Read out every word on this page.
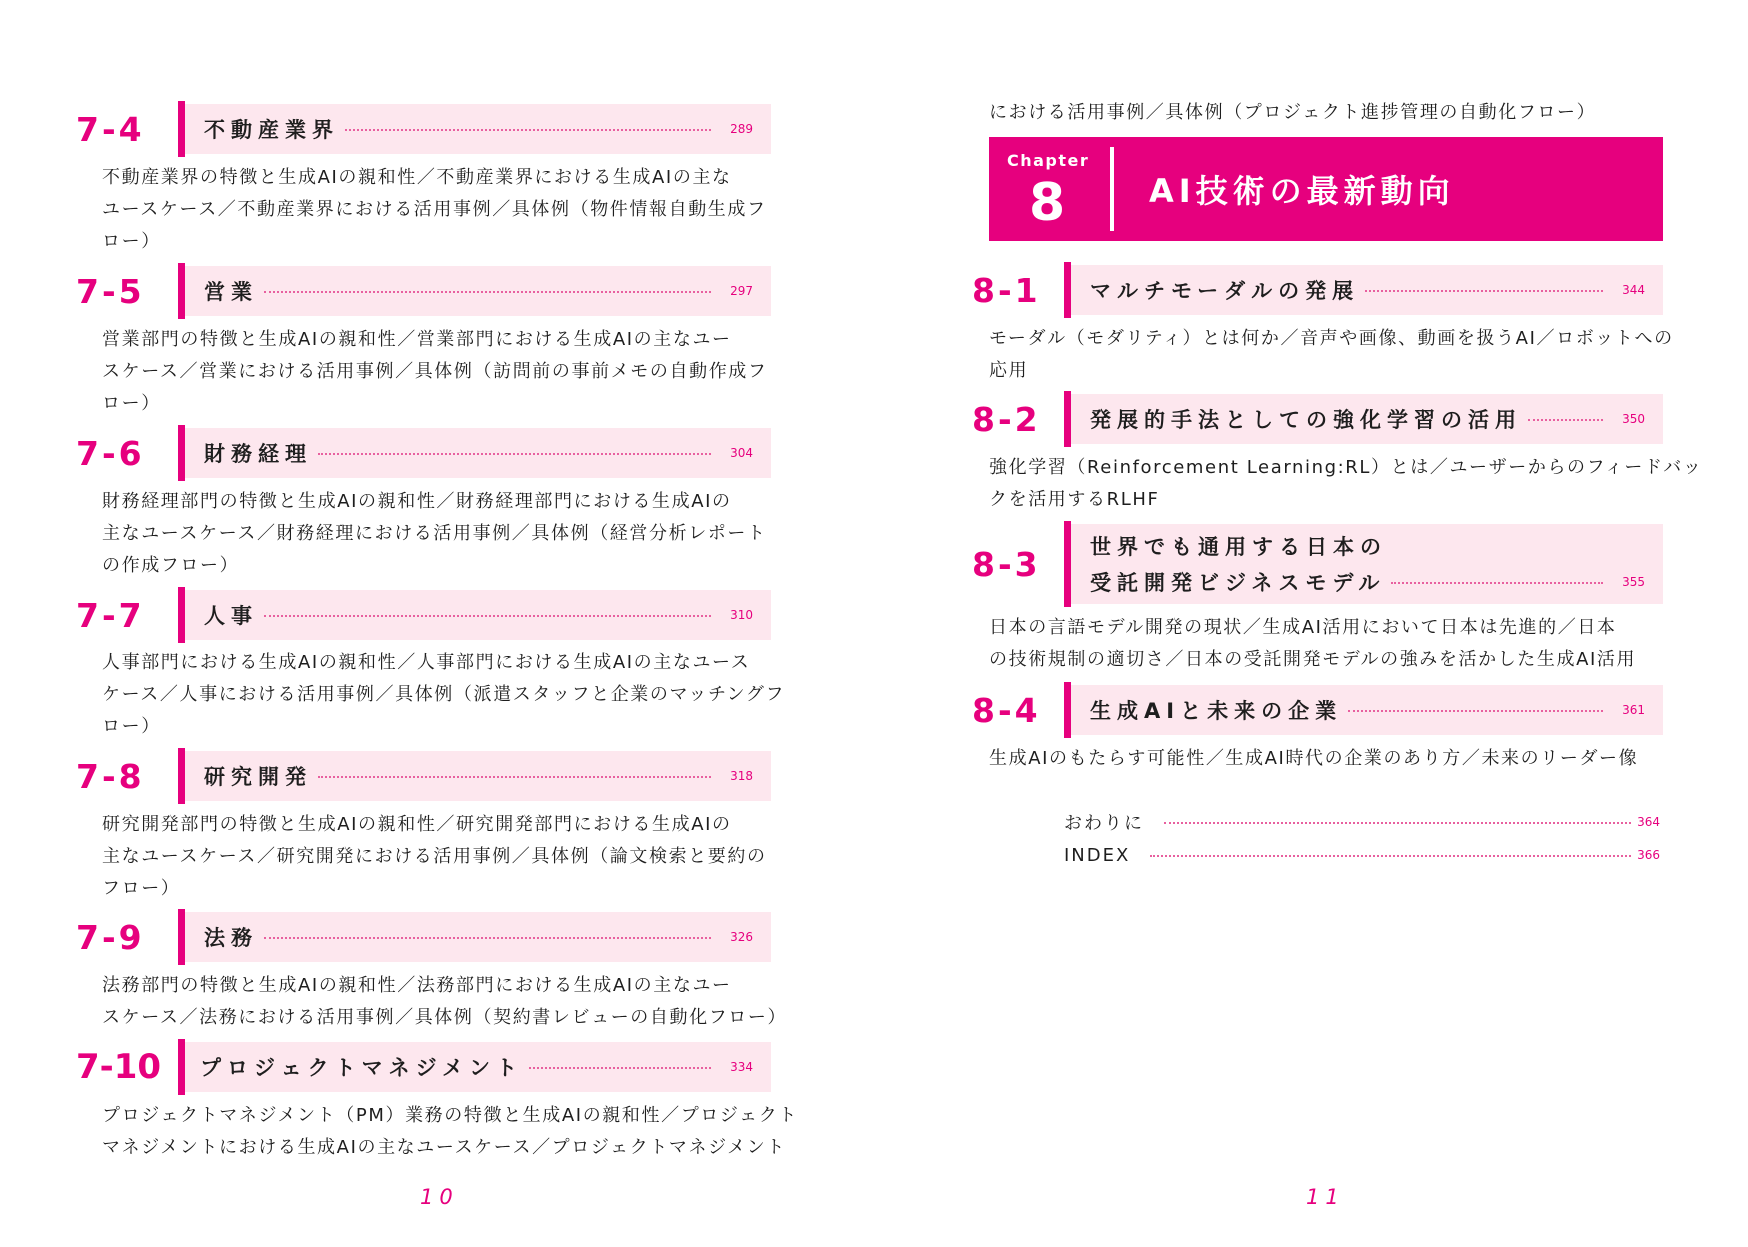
7-4	不動産業界	289
不動産業界の特徴と生成AIの親和性／不動産業界における生成AIの主な
ユースケース／不動産業界における活用事例／具体例（物件情報自動生成フ
ロー）
7-5	営業	297
営業部門の特徴と生成AIの親和性／営業部門における生成AIの主なユー
スケース／営業における活用事例／具体例（訪問前の事前メモの自動作成フ
ロー）
7-6	財務経理	304
財務経理部門の特徴と生成AIの親和性／財務経理部門における生成AIの
主なユースケース／財務経理における活用事例／具体例（経営分析レポート
の作成フロー）
7-7	人事	310
人事部門における生成AIの親和性／人事部門における生成AIの主なユース
ケース／人事における活用事例／具体例（派遣スタッフと企業のマッチングフ
ロー）
7-8	研究開発	318
研究開発部門の特徴と生成AIの親和性／研究開発部門における生成AIの
主なユースケース／研究開発における活用事例／具体例（論文検索と要約の
フロー）
7-9	法務	326
法務部門の特徴と生成AIの親和性／法務部門における生成AIの主なユー
スケース／法務における活用事例／具体例（契約書レビューの自動化フロー）
7-10	プロジェクトマネジメント	334
プロジェクトマネジメント（PM）業務の特徴と生成AIの親和性／プロジェクト
マネジメントにおける生成AIの主なユースケース／プロジェクトマネジメント
10
における活用事例／具体例（プロジェクト進捗管理の自動化フロー）
Chapter
8	AI技術の最新動向
8-1	マルチモーダルの発展	344
モーダル（モダリティ）とは何か／音声や画像、動画を扱うAI／ロボットへの
応用
8-2	発展的手法としての強化学習の活用	350
強化学習（Reinforcement Learning:RL）とは／ユーザーからのフィードバッ
クを活用するRLHF
8-3	世界でも通用する日本の
受託開発ビジネスモデル	355
日本の言語モデル開発の現状／生成AI活用において日本は先進的／日本
の技術規制の適切さ／日本の受託開発モデルの強みを活かした生成AI活用
8-4	生成AIと未来の企業	361
生成AIのもたらす可能性／生成AI時代の企業のあり方／未来のリーダー像
おわりに	364
INDEX	366
11
